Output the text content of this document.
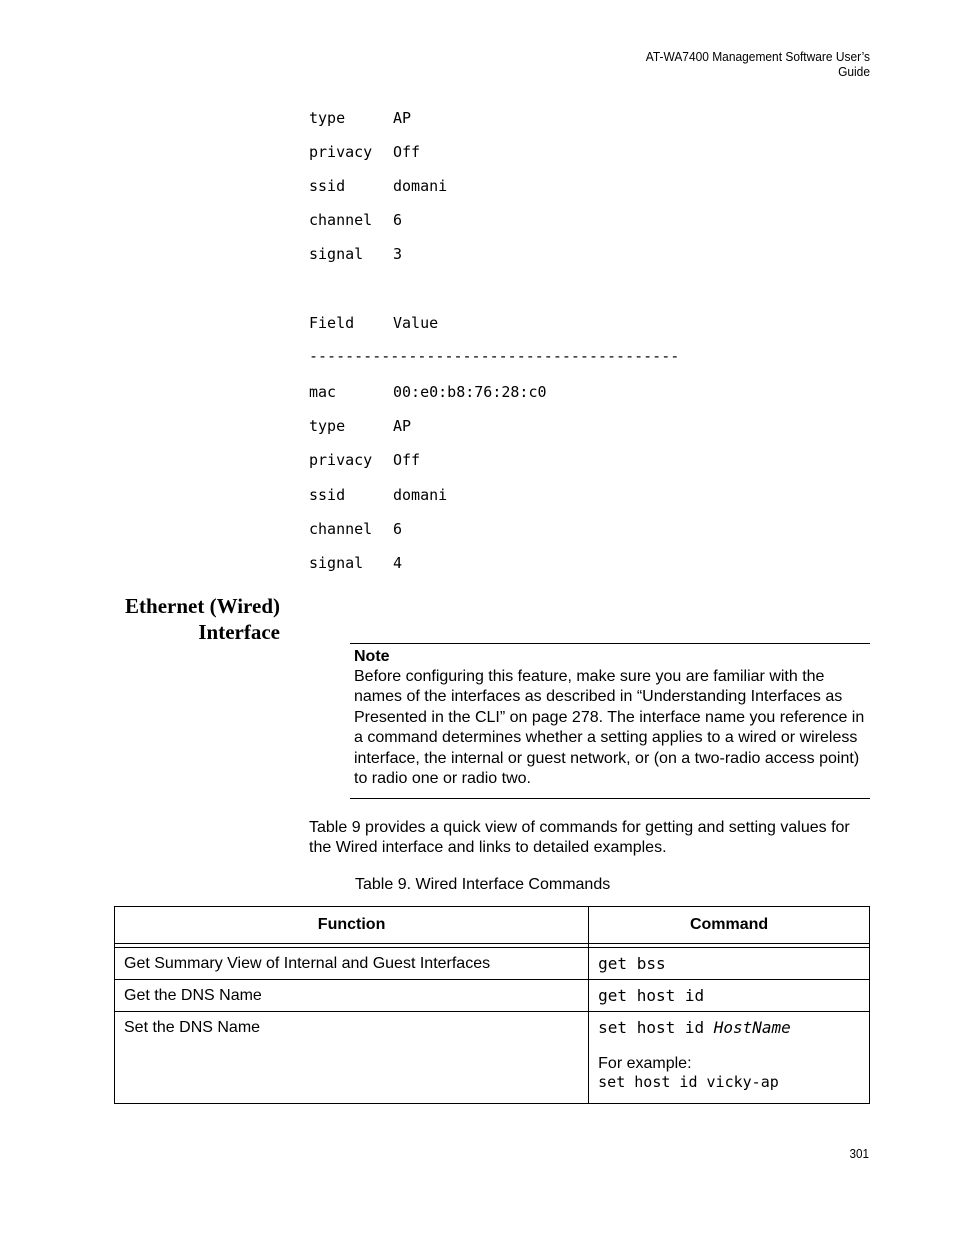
AT-WA7400 Management Software User’s Guide
type	AP
privacy Off
ssid	domani
channel 6
signal 3
Field	Value
-----------------------------------------
mac	00:e0:b8:76:28:c0
type	AP
privacy Off
ssid	domani
channel 6
signal 4
Ethernet (Wired)
Interface
Note
Before configuring this feature, make sure you are familiar with the names of the interfaces as described in “Understanding Interfaces as Presented in the CLI” on page 278. The interface name you reference in a command determines whether a setting applies to a wired or wireless interface, the internal or guest network, or (on a two-radio access point) to radio one or radio two.
Table 9 provides a quick view of commands for getting and setting values for the Wired interface and links to detailed examples.
Table 9. Wired Interface Commands
Function	Command

Get Summary View of Internal and Guest Interfaces	get bss
Get the DNS Name	get host id
Set the DNS Name	set host id HostName
For example:
set host id vicky-ap
301
